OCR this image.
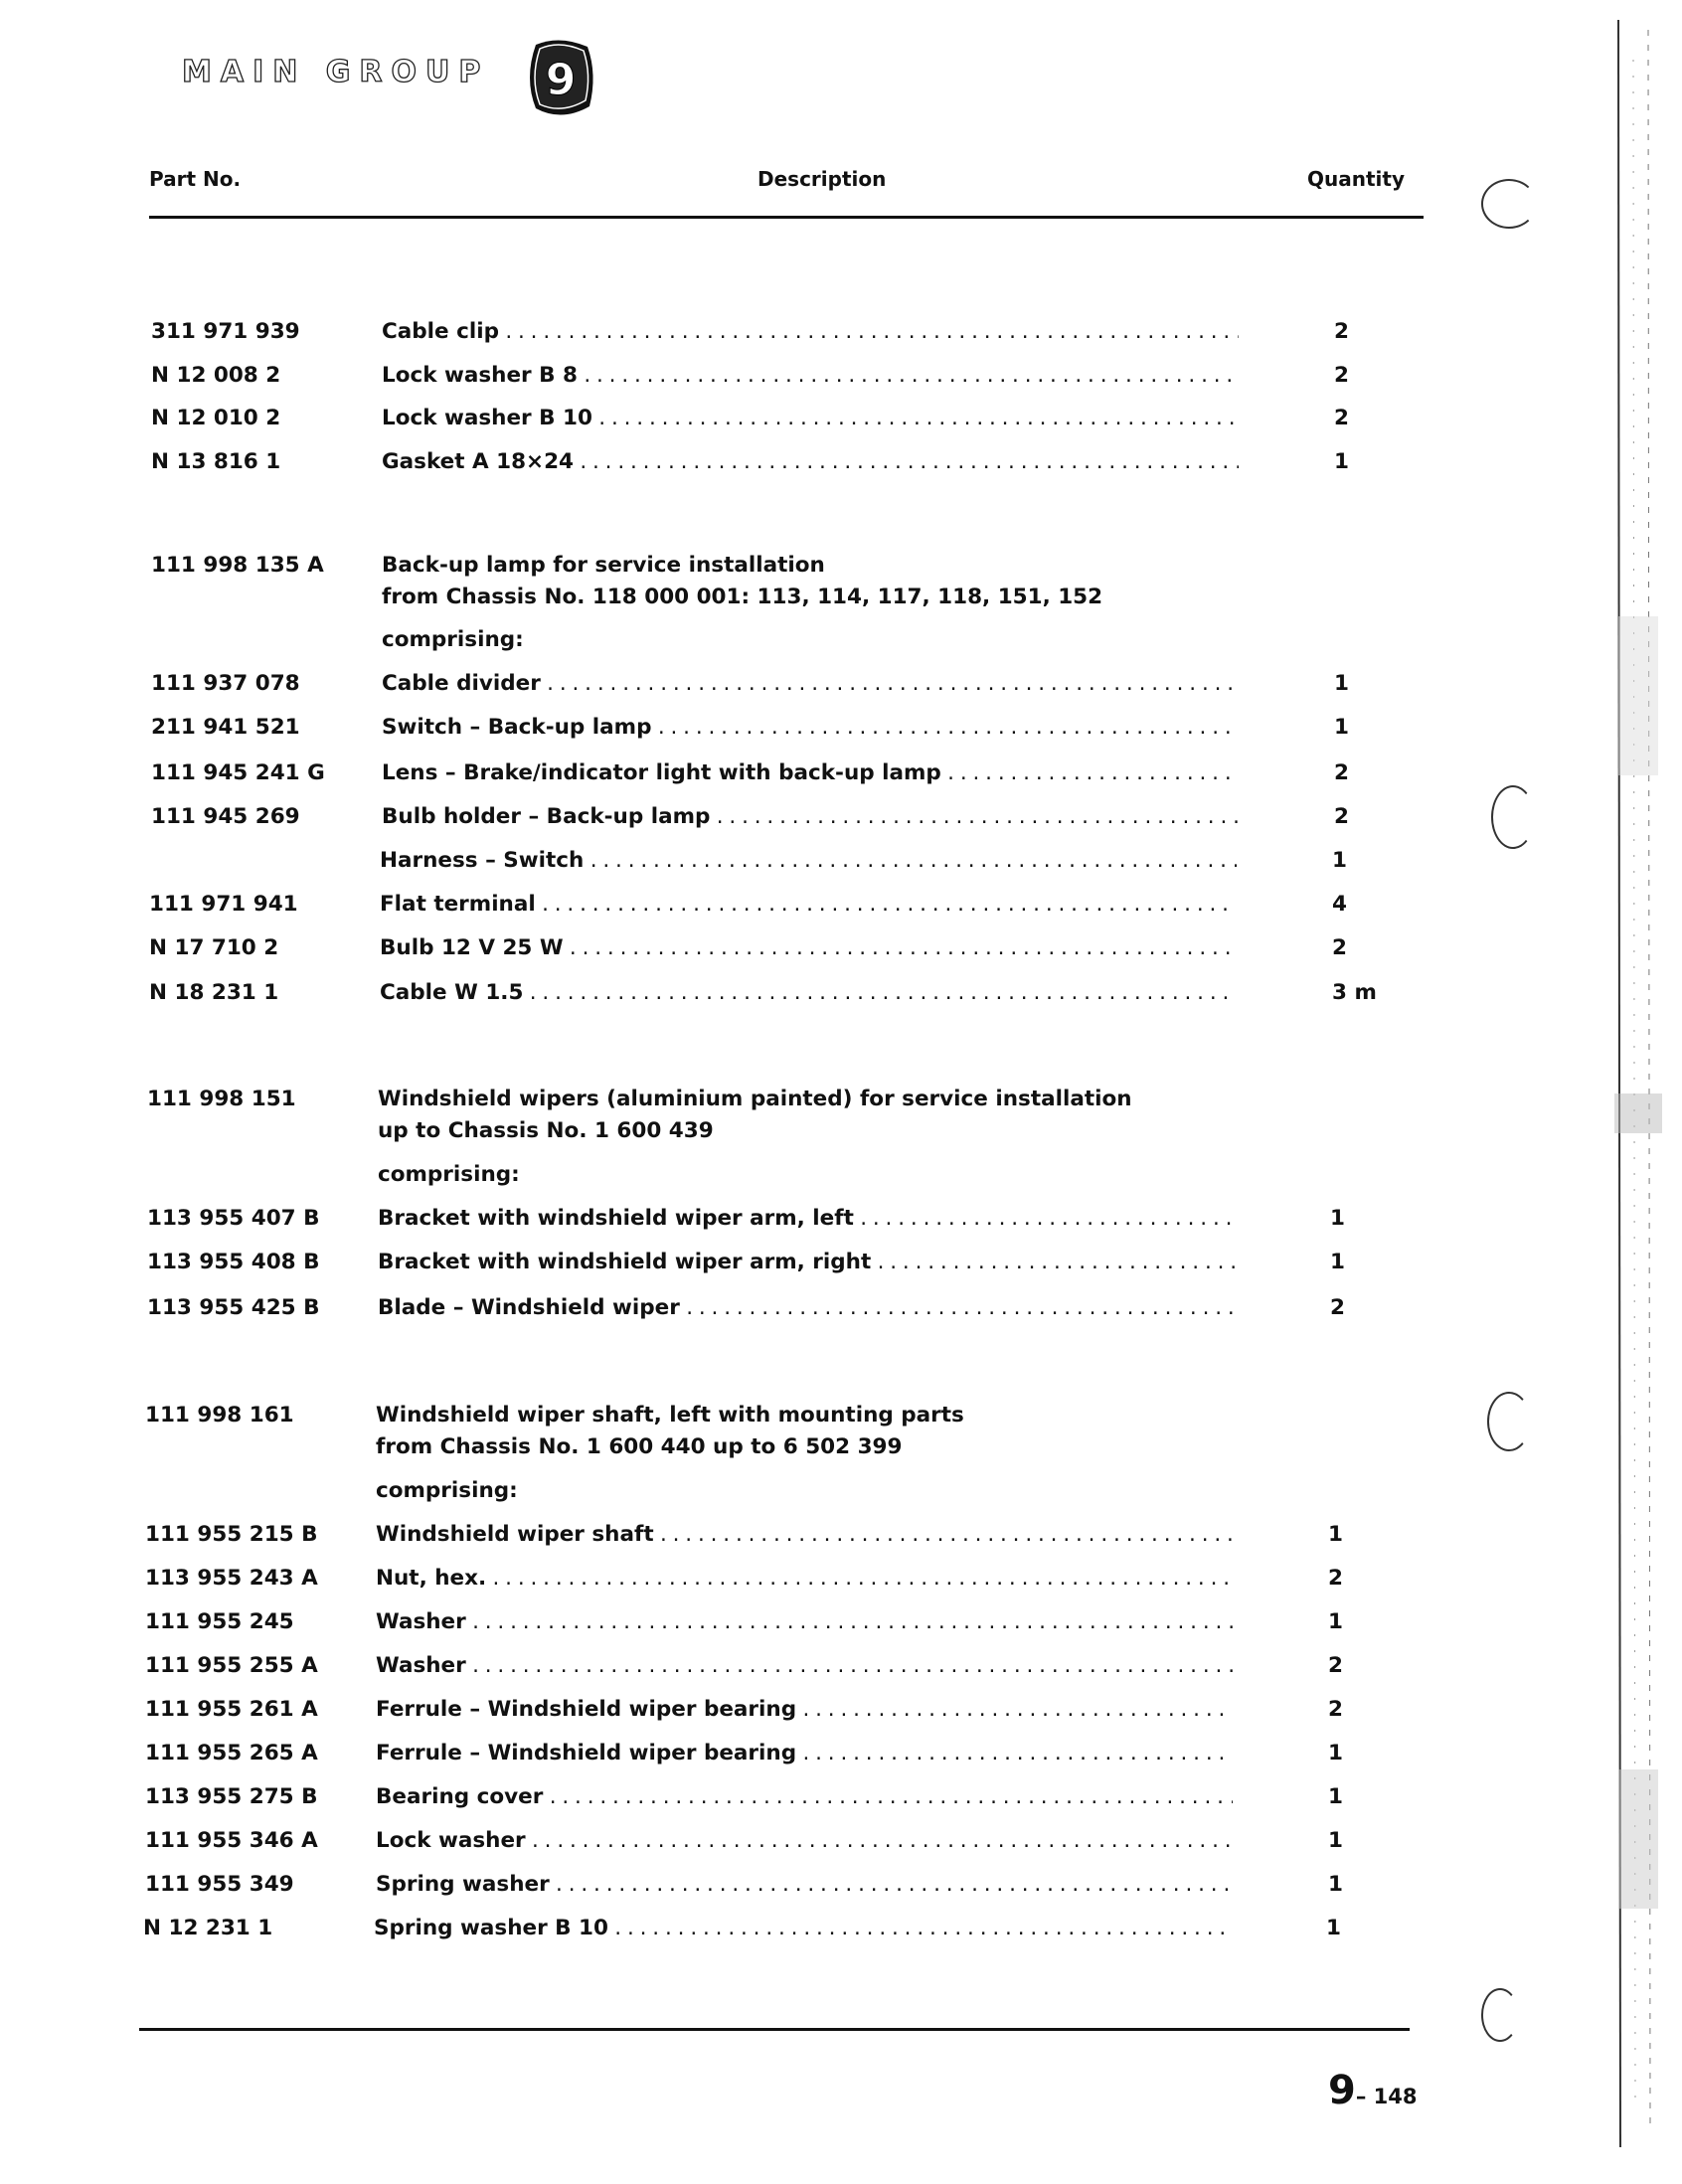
MAIN GROUP 9
Part No.	Description	Quantity
311 971 939	Cable clip . . .	2
N 12 008 2	Lock washer B 8 . . .	2
N 12 010 2	Lock washer B 10 . . .	2
N 13 816 1	Gasket A 18×24 . . .	1
111 998 135 A	Back-up lamp for service installation
from Chassis No. 118 000 001: 113, 114, 117, 118, 151, 152
comprising:
111 937 078	Cable divider . . .	1
211 941 521	Switch – Back-up lamp . . .	1
111 945 241 G	Lens – Brake/indicator light with back-up lamp . . .	2
111 945 269	Bulb holder – Back-up lamp . . .	2
Harness – Switch . . .	1
111 971 941	Flat terminal . . .	4
N 17 710 2	Bulb 12 V 25 W . . .	2
N 18 231 1	Cable W 1.5 . . .	3 m
111 998 151	Windshield wipers (aluminium painted) for service installation
up to Chassis No. 1 600 439
comprising:
113 955 407 B	Bracket with windshield wiper arm, left . . .	1
113 955 408 B	Bracket with windshield wiper arm, right . . .	1
113 955 425 B	Blade – Windshield wiper . . .	2
111 998 161	Windshield wiper shaft, left with mounting parts
from Chassis No. 1 600 440 up to 6 502 399
comprising:
111 955 215 B	Windshield wiper shaft . . .	1
113 955 243 A	Nut, hex. . . .	2
111 955 245	Washer . . .	1
111 955 255 A	Washer . . .	2
111 955 261 A	Ferrule – Windshield wiper bearing . . .	2
111 955 265 A	Ferrule – Windshield wiper bearing . . .	1
113 955 275 B	Bearing cover . . .	1
111 955 346 A	Lock washer . . .	1
111 955 349	Spring washer . . .	1
N 12 231 1	Spring washer B 10 . . .	1
9– 148
